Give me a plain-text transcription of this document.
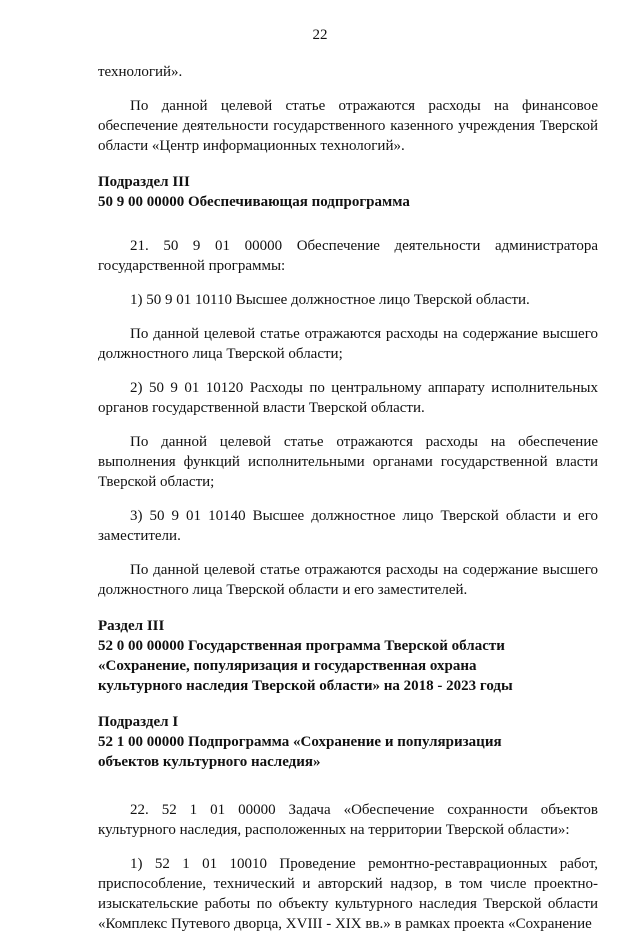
22

технологий».

По данной целевой статье отражаются расходы на финансовое обеспечение деятельности государственного казенного учреждения Тверской области «Центр информационных технологий».

Подраздел III

50 9 00 00000 Обеспечивающая подпрограмма

21. 50 9 01 00000 Обеспечение деятельности администратора государственной программы:

1) 50 9 01 10110 Высшее должностное лицо Тверской области.

По данной целевой статье отражаются расходы на содержание высшего должностного лица Тверской области;

2) 50 9 01 10120 Расходы по центральному аппарату исполнительных органов государственной власти Тверской области.

По данной целевой статье отражаются расходы на обеспечение выполнения функций исполнительными органами государственной власти Тверской области;

3) 50 9 01 10140 Высшее должностное лицо Тверской области и его заместители.

По данной целевой статье отражаются расходы на содержание высшего должностного лица Тверской области и его заместителей.

Раздел III

52 0 00 00000 Государственная программа Тверской области

«Сохранение, популяризация и государственная охрана

культурного наследия Тверской области» на 2018 - 2023 годы

Подраздел I

52 1 00 00000 Подпрограмма «Сохранение и популяризация

объектов культурного наследия»

22. 52 1 01 00000 Задача «Обеспечение сохранности объектов культурного наследия, расположенных на территории Тверской области»:

1) 52 1 01 10010 Проведение ремонтно-реставрационных работ, приспособление, технический и авторский надзор, в том числе проектно-изыскательские работы по объекту культурного наследия Тверской области «Комплекс Путевого дворца, XVIII - XIX вв.» в рамках проекта «Сохранение
